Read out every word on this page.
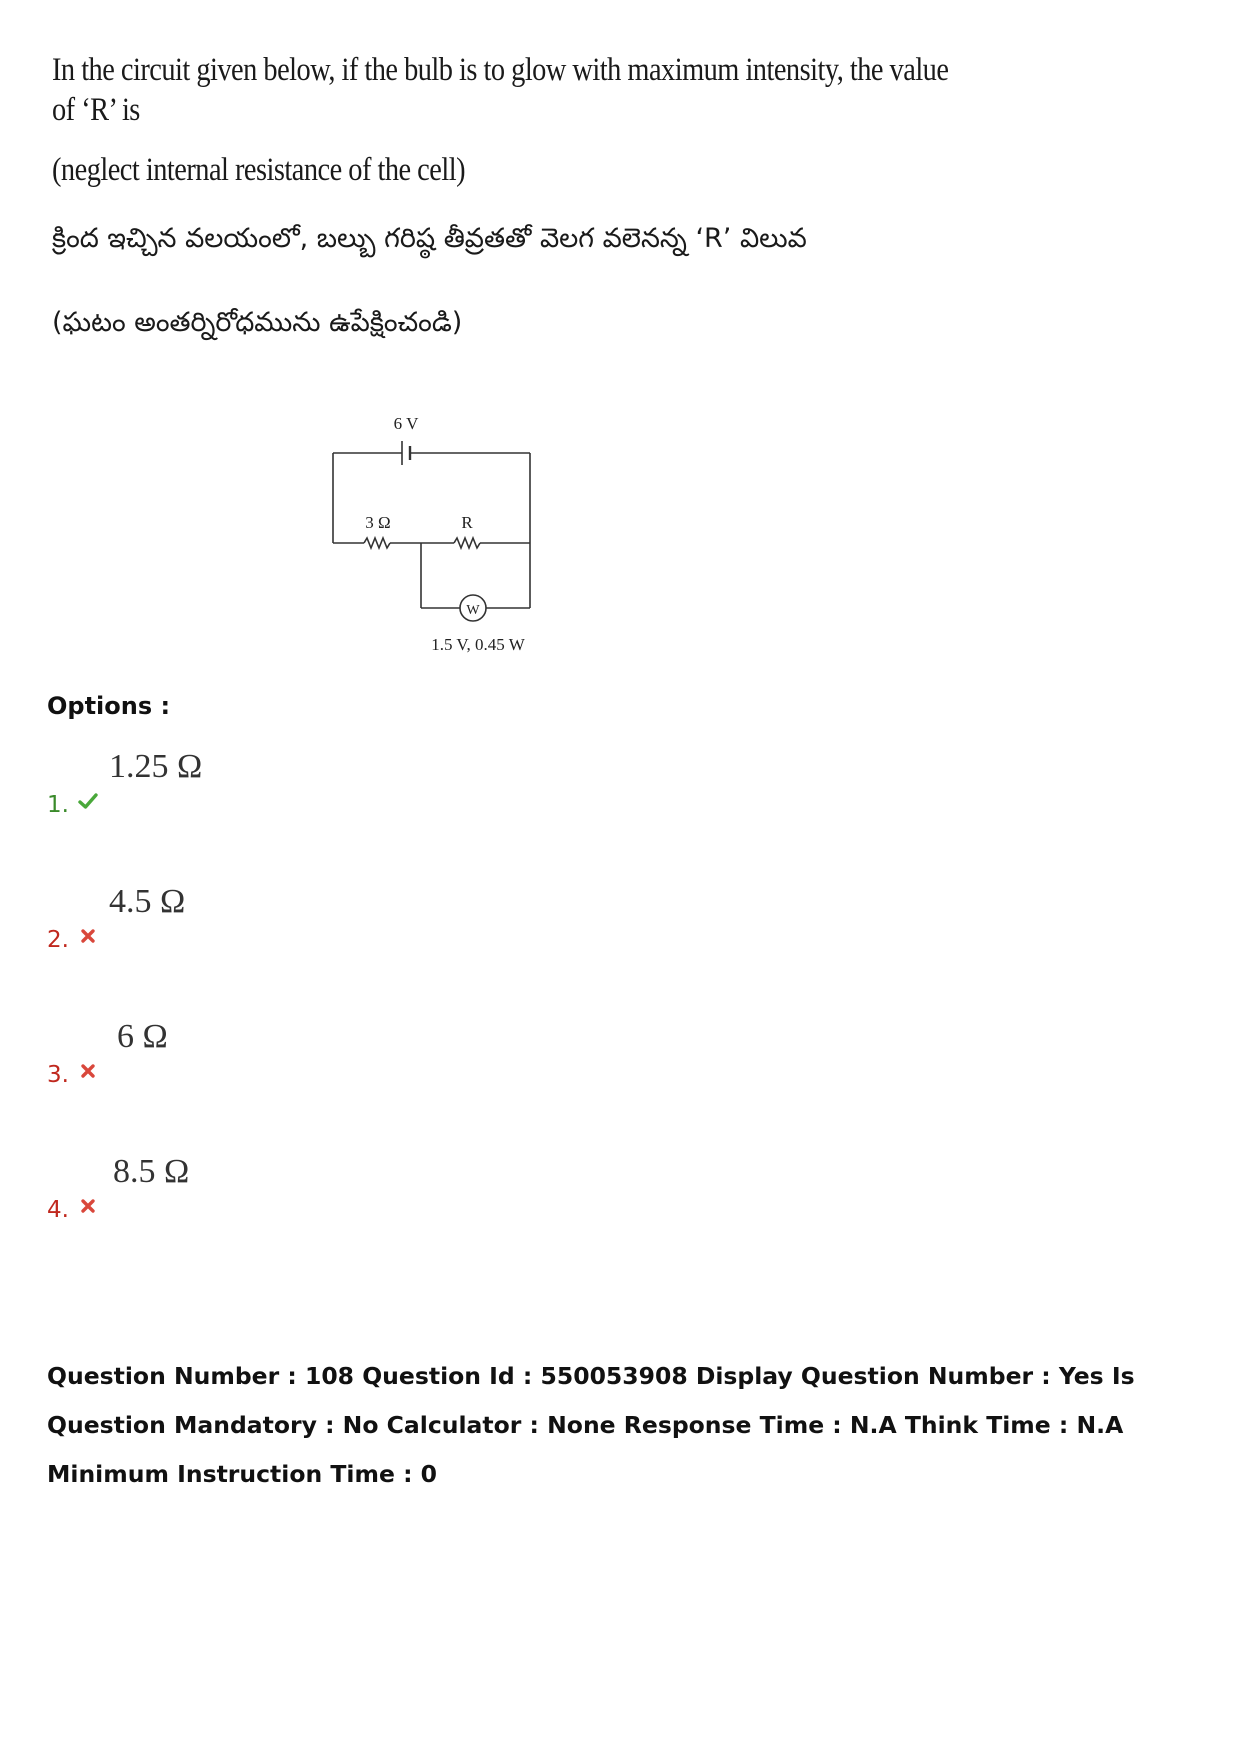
In the circuit given below, if the bulb is to glow with maximum intensity, the value
of ‘R’ is
(neglect internal resistance of the cell)
క్రింద ఇచ్చిన వలయంలో, బల్బు గరిష్ఠ తీవ్రతతో వెలగ వలెనన్న ‘R’ విలువ
(ఘటం అంతర్నిరోధమును ఉపేక్షించండి)
6 V
3 Ω	R
W
1.5 V, 0.45 W
Options :
1.
1.25 Ω
2.
4.5 Ω
3.
6 Ω
4.
8.5 Ω
Question Number : 108 Question Id : 550053908 Display Question Number : Yes Is Question Mandatory : No Calculator : None Response Time : N.A Think Time : N.A Minimum Instruction Time : 0
